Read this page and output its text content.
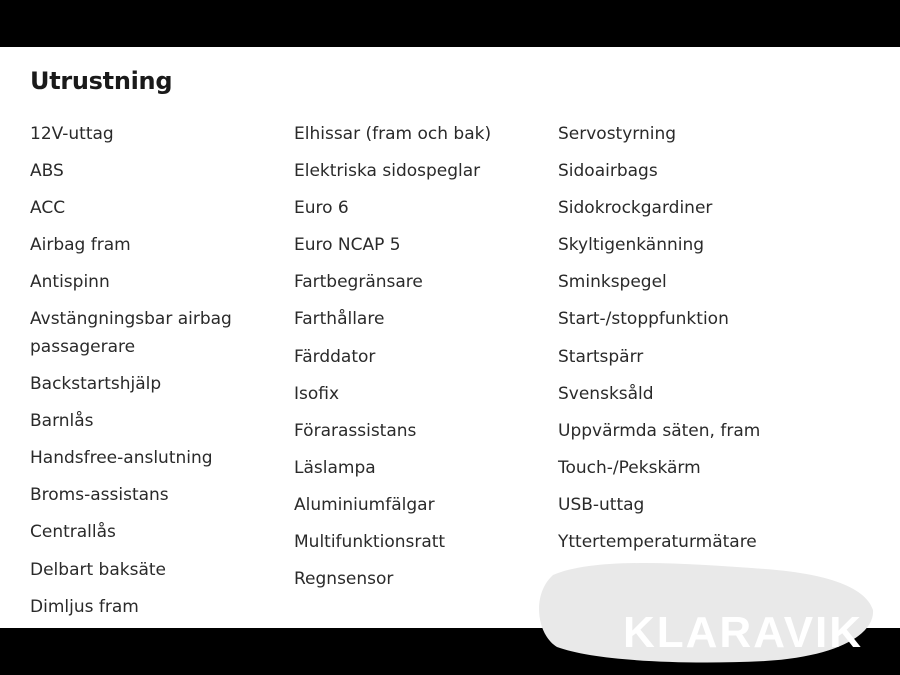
Utrustning
12V-uttag
ABS
ACC
Airbag fram
Antispinn
Avstängningsbar airbag passagerare
Backstartshjälp
Barnlås
Handsfree-anslutning
Broms-assistans
Centrallås
Delbart baksäte
Dimljus fram
Elhissar (fram och bak)
Elektriska sidospeglar
Euro 6
Euro NCAP 5
Fartbegränsare
Farthållare
Färddator
Isofix
Förarassistans
Läslampa
Aluminiumfälgar
Multifunktionsratt
Regnsensor
Servostyrning
Sidoairbags
Sidokrockgardiner
Skyltigenkänning
Sminkspegel
Start-/stoppfunktion
Startspärr
Svensksåld
Uppvärmda säten, fram
Touch-/Pekskärm
USB-uttag
Yttertemperaturmätare
KLARAVIK
